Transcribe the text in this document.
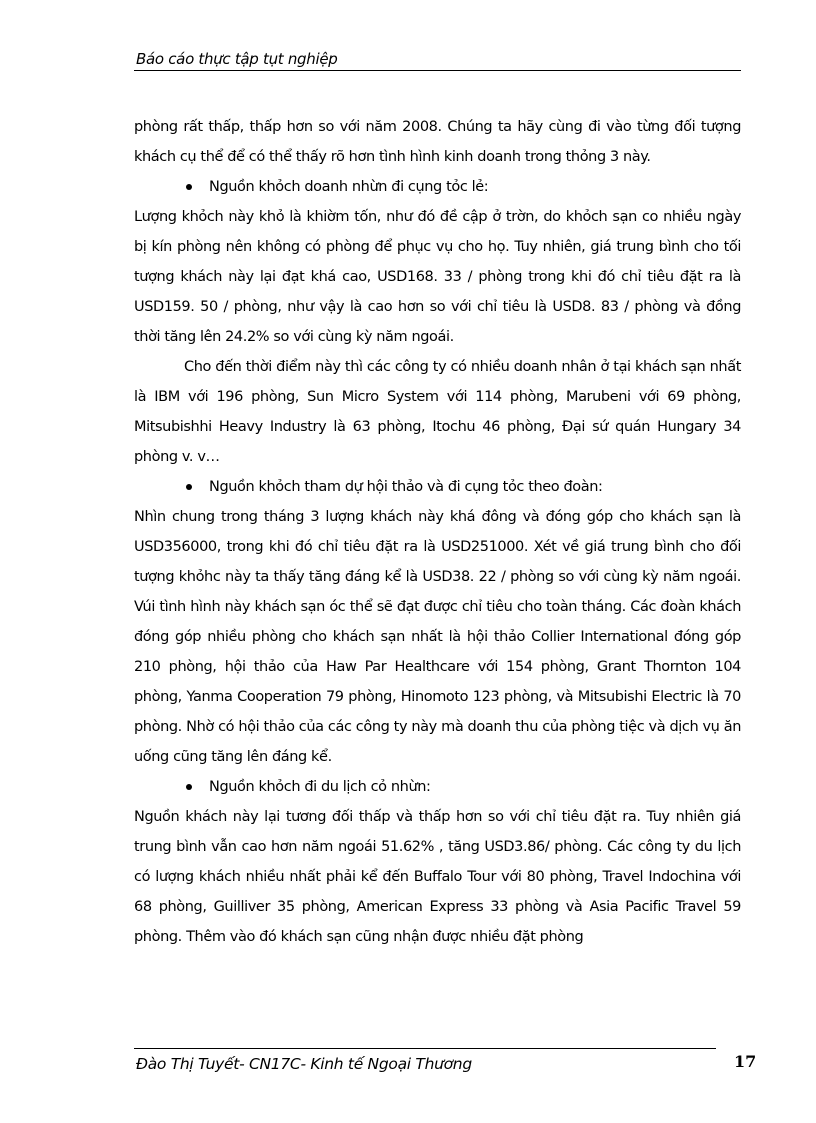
Báo cáo thực tập tụt nghiệp

phòng rất thấp, thấp hơn so với năm 2008. Chúng ta hãy cùng đi vào từng đối tượng khách cụ thể để có thể thấy rõ hơn tình hình kinh doanh trong thỏng 3 này.

Nguồn khỏch doanh nhừn đi cụng tỏc lẻ:

Lượng khỏch này khỏ là khiờm tốn, như đó đề cập ở trờn, do khỏch sạn co nhiều ngày bị kín phòng nên không có phòng để phục vụ cho họ. Tuy nhiên, giá trung bình cho tối tượng khách này lại đạt khá cao, USD168. 33 / phòng trong khi đó chỉ tiêu đặt ra là USD159. 50 / phòng, như vậy là cao hơn so với chỉ tiêu là USD8. 83 / phòng và đồng thời tăng lên 24.2% so với cùng kỳ năm ngoái.

Cho đến thời điểm này thì các công ty có nhiều doanh nhân ở tại khách sạn nhất là IBM với 196 phòng, Sun Micro System với 114 phòng, Marubeni với 69 phòng, Mitsubishhi Heavy Industry là 63 phòng, Itochu 46 phòng, Đại sứ quán Hungary 34 phòng v. v…

Nguồn khỏch tham dự hội thảo và đi cụng tỏc theo đoàn:

Nhìn chung trong tháng 3 lượng khách này khá đông và đóng góp cho khách sạn là USD356000, trong khi đó chỉ tiêu đặt ra là USD251000. Xét về giá trung bình cho đối tượng khỏhc này ta thấy tăng đáng kể là USD38. 22 / phòng so với cùng kỳ năm ngoái. Vúi tình hình này khách sạn óc thể sẽ đạt được chỉ tiêu cho toàn tháng. Các đoàn khách đóng góp nhiều phòng cho khách sạn nhất là hội thảo Collier International đóng góp 210 phòng, hội thảo của Haw Par Healthcare với 154 phòng, Grant Thornton 104 phòng, Yanma Cooperation 79 phòng, Hinomoto 123 phòng, và Mitsubishi Electric là 70 phòng. Nhờ có hội thảo của các công ty này mà doanh thu của phòng tiệc và dịch vụ ăn uống cũng tăng lên đáng kể.

Nguồn khỏch đi du lịch cỏ nhừn:

Nguồn khách này lại tương đối thấp và thấp hơn so với chỉ tiêu đặt ra. Tuy nhiên giá trung bình vẫn cao hơn năm ngoái 51.62% , tăng USD3.86/ phòng. Các công ty du lịch có lượng khách nhiều nhất phải kể đến Buffalo Tour với 80 phòng, Travel Indochina với 68 phòng, Guilliver 35 phòng, American Express 33 phòng và Asia Pacific Travel 59 phòng. Thêm vào đó khách sạn cũng nhận được nhiều đặt phòng

Đào Thị Tuyết- CN17C- Kinh tế Ngoại Thương	17
